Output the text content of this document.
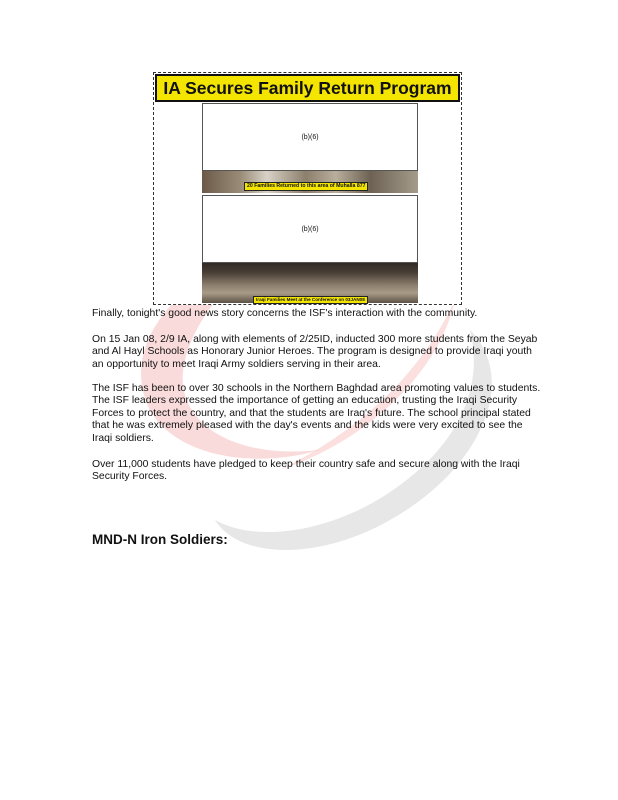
IA Secures Family Return Program
(b)(6)
20 Families Returned to this area of Muhalla 877
(b)(6)
Iraqi Families Meet at the Conference on 03JAN08
Finally, tonight's good news story concerns the ISF's interaction with the community.
On 15 Jan 08, 2/9 IA, along with elements of 2/25ID, inducted 300 more students from the Seyab and Al Hayl Schools as Honorary Junior Heroes. The program is designed to provide Iraqi youth an opportunity to meet Iraqi Army soldiers serving in their area.
The ISF has been to over 30 schools in the Northern Baghdad area promoting values to students. The ISF leaders expressed the importance of getting an education, trusting the Iraqi Security Forces to protect the country, and that the students are Iraq's future. The school principal stated that he was extremely pleased with the day's events and the kids were very excited to see the Iraqi soldiers.
Over 11,000 students have pledged to keep their country safe and secure along with the Iraqi Security Forces.
MND-N Iron Soldiers:
